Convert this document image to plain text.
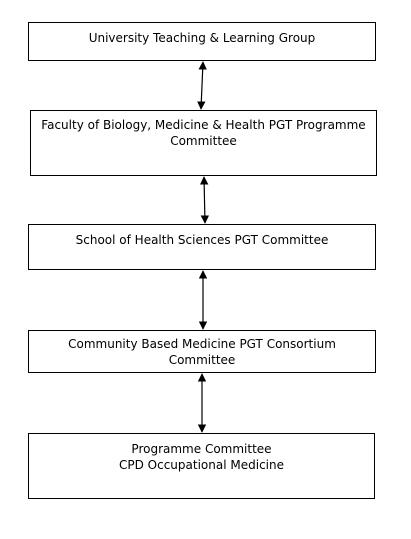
University Teaching & Learning Group
Faculty of Biology, Medicine & Health PGT Programme
Committee
School of Health Sciences PGT Committee
Community Based Medicine PGT Consortium
Committee
Programme Committee
CPD Occupational Medicine
